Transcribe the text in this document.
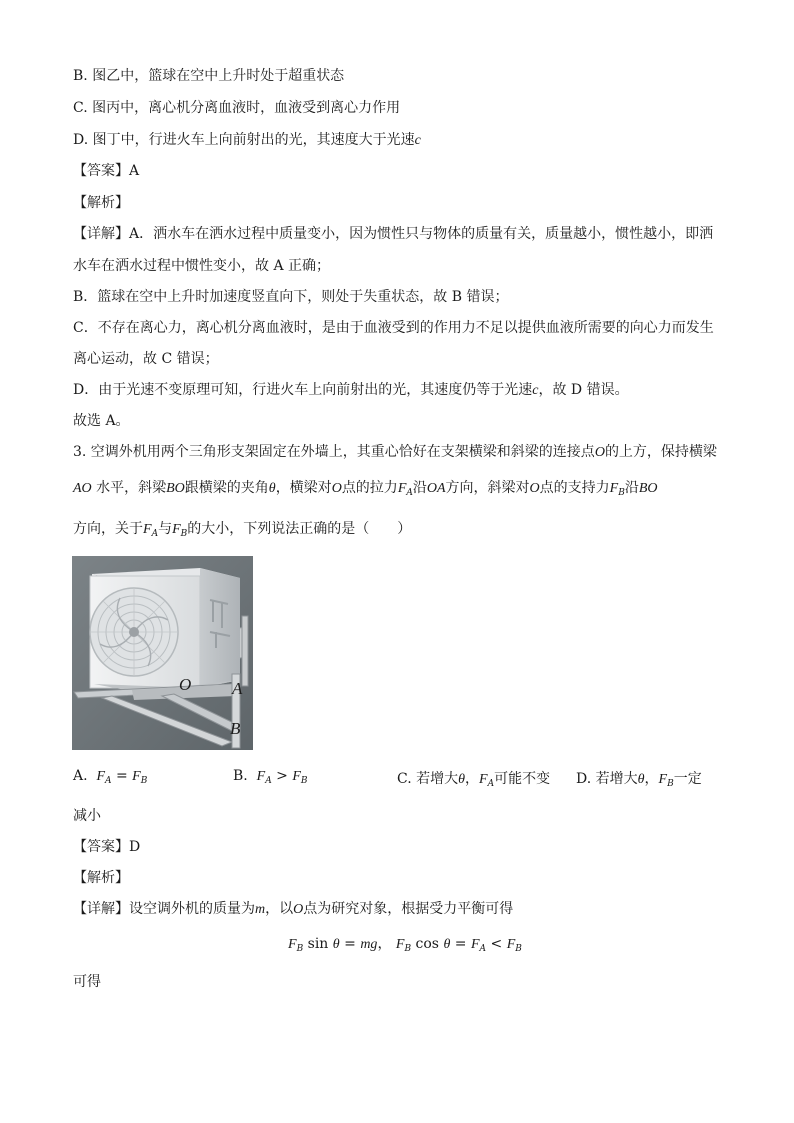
B. 图乙中，篮球在空中上升时处于超重状态
C. 图丙中，离心机分离血液时，血液受到离心力作用
D. 图丁中，行进火车上向前射出的光，其速度大于光速c
【答案】A
【解析】
【详解】A．洒水车在洒水过程中质量变小，因为惯性只与物体的质量有关，质量越小，惯性越小，即洒
水车在洒水过程中惯性变小，故 A 正确；
B．篮球在空中上升时加速度竖直向下，则处于失重状态，故 B 错误；
C．不存在离心力，离心机分离血液时，是由于血液受到的作用力不足以提供血液所需要的向心力而发生
离心运动，故 C 错误；
D．由于光速不变原理可知，行进火车上向前射出的光，其速度仍等于光速c，故 D 错误。
故选 A。
3. 空调外机用两个三角形支架固定在外墙上，其重心恰好在支架横梁和斜梁的连接点O的上方，保持横梁
AO 水平，斜梁BO跟横梁的夹角θ，横梁对O点的拉力$F_A$沿OA方向，斜梁对O点的支持力$F_B$沿BO
方向，关于$F_A$与$F_B$的大小，下列说法正确的是（　　）
O A
B
A. $F_A = F_B$	B. $F_A > F_B$	C. 若增大θ，$F_A$可能不变 D. 若增大θ，$F_B$一定
减小
【答案】D
【解析】
【详解】设空调外机的质量为m，以O点为研究对象，根据受力平衡可得
$F_B$ sin θ = mg， $F_B$ $\cos \theta = F_A < F_B$
可得
